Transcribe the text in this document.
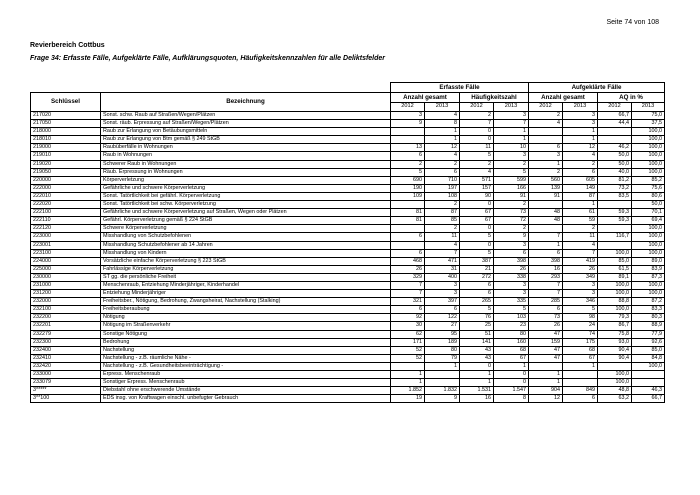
Seite 74 von 108
Revierbereich Cottbus
Frage 34: Erfasste Fälle, Aufgeklärte Fälle, Aufklärungsquoten, Häufigkeitskennzahlen für alle Deliktsfelder
		Erfasste Fälle				Aufgeklärte Fälle			
Schlüssel	Bezeichnung	Anzahl gesamt		Häufigkeitszahl		Anzahl gesamt		AQ in %	
		2012	2013	2012	2013	2012	2013	2012	2013
217020	Sonst. schw. Raub auf Straßen/Wegen/Plätzen	3	4	2	3	2	3	66,7	75,0
217050	Sonst. räub. Erpressung auf Straßen/Wegen/Plätzen	9	8	7	7	4	3	44,4	37,5
218000	Raub zur Erlangung von Betäubungsmitteln		1	0	1		1		100,0
218010	Raub zur Erlangung von Btm gemäß § 249 StGB		1	0	1		1		100,0
219000	Raubüberfälle in Wohnungen	13	12	11	10	6	12	46,2	100,0
219010	Raub in Wohnungen	6	4	5	3	3	4	50,0	100,0
219020	Schwerer Raub in Wohnungen	2	2	2	2	1	2	50,0	100,0
219050	Räub. Erpressung in Wohnungen	5	6	4	5	2	6	40,0	100,0
220000	Körperverletzung	690	710	571	599	560	605	81,2	85,2
222000	Gefährliche und schwere Körperverletzung	190	197	157	166	139	149	73,2	75,6
222010	Sonst. Tatörtlichkeit bei gefährl. Körperverletzung	109	108	90	91	91	87	83,5	80,6
222020	Sonst. Tatörtlichkeit bei schw. Körperverletzung		2	0	2		1		50,0
222100	Gefährliche und schwere Körperverletzung auf Straßen, Wegen oder Plätzen	81	87	67	73	48	61	59,3	70,1
222110	Gefährl. Körperverletzung gemäß § 224 StGB	81	85	67	72	48	59	59,3	69,4
222120	Schwere Körperverletzung		2	0	2		2		100,0
223000	Misshandlung von Schutzbefohlenen	6	11	5	9	7	11	116,7	100,0
223001	Misshandlung Schutzbefohlener ab 14 Jahren		4	0	3	1	4		100,0
223100	Misshandlung von Kindern	6	7	5	6	6	7	100,0	100,0
224000	Vorsätzliche einfache Körperverletzung § 223 StGB	468	471	387	398	398	419	85,0	89,0
225000	Fahrlässige Körperverletzung	26	31	21	26	16	26	61,5	83,9
230000	ST gg. die persönliche Freiheit	329	400	272	338	293	349	89,1	87,3
231000	Menschenraub, Entziehung Minderjähriger, Kinderhandel	7	3	6	3	7	3	100,0	100,0
231200	Entziehung Minderjähriger	7	3	6	3	7	3	100,0	100,0
232000	Freiheitsber., Nötigung, Bedrohung, Zwangsheirat, Nachstellung (Stalking)	321	397	265	335	285	346	88,8	87,2
232100	Freiheitsberaubung	6	6	5	5	6	5	100,0	83,3
232200	Nötigung	92	122	76	103	73	98	79,3	80,3
232201	Nötigung im Straßenverkehr	30	27	25	23	26	24	86,7	88,9
232279	Sonstige Nötigung	62	95	51	80	47	74	75,8	77,9
232300	Bedrohung	171	189	141	160	159	175	93,0	92,6
232400	Nachstellung	52	80	43	68	47	68	90,4	85,0
232410	Nachstellung - z.B. räumliche Nähe -	52	79	43	67	47	67	90,4	84,8
232420	Nachstellung - z.B. Gesundheitsbeeinträchtigung -		1	0	1		1		100,0
233000	Erpress. Menschenraub	1		1	0	1		100,0	
233079	Sonstiger Erpress. Menschenraub	1		1	0	1		100,0	
3*****	Diebstahl ohne erschwerende Umstände	1.852	1.832	1.531	1.547	904	849	48,8	46,3
3**100	EDS insg. von Kraftwagen einschl. unbefugter Gebrauch	19	9	16	8	12	6	63,2	66,7
